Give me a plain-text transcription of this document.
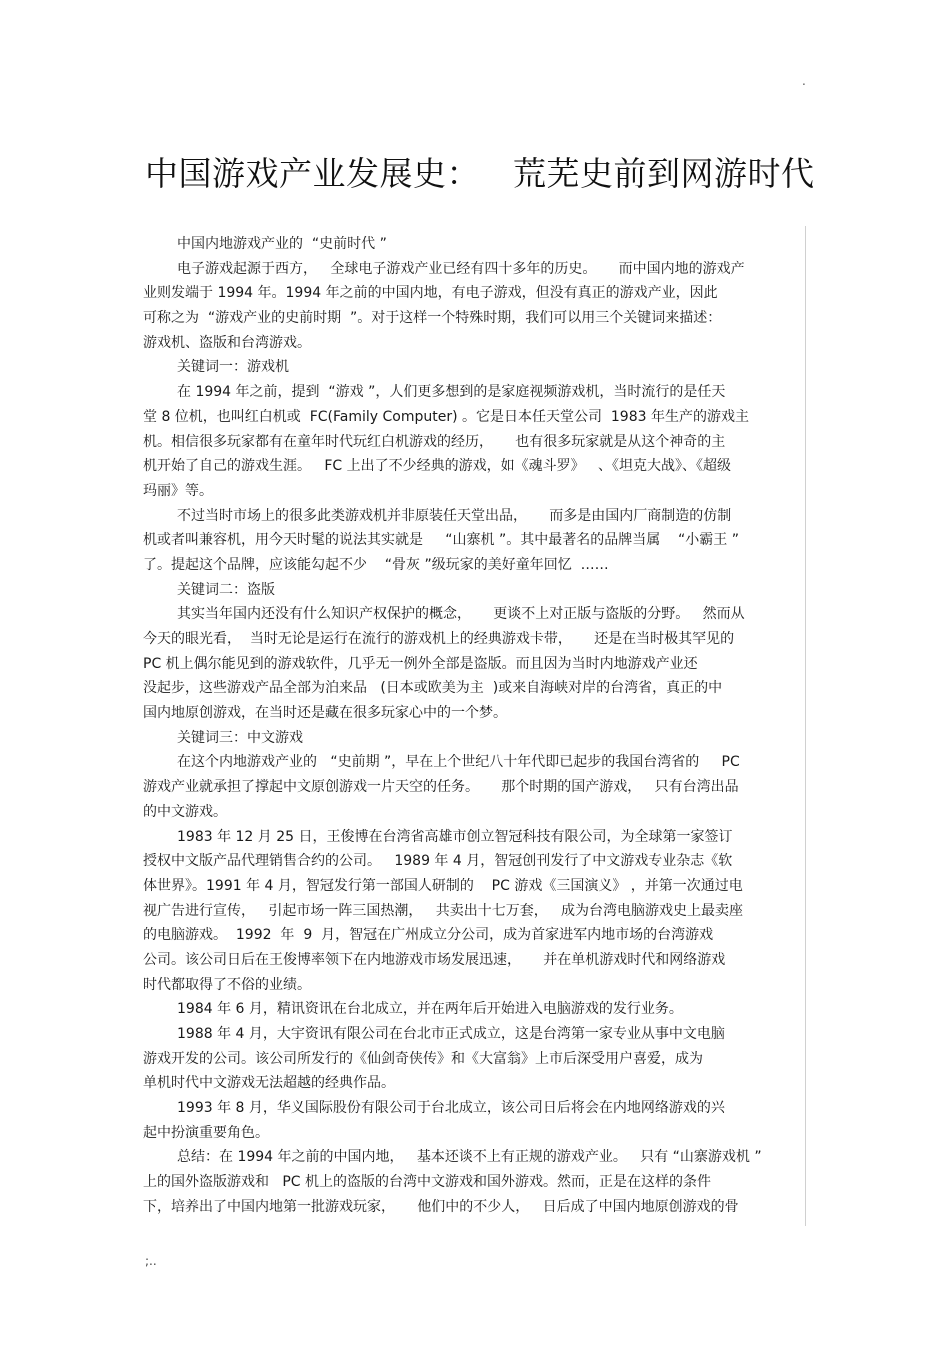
.
中国游戏产业发展史：   荒芜史前到网游时代
中国内地游戏产业的  “史前时代 ”
电子游戏起源于西方，   全球电子游戏产业已经有四十多年的历史。     而中国内地的游戏产
业则发端于 1994 年。1994 年之前的中国内地，有电子游戏，但没有真正的游戏产业，因此
可称之为  “游戏产业的史前时期  ”。对于这样一个特殊时期，我们可以用三个关键词来描述：
游戏机、盗版和台湾游戏。
关键词一：游戏机
在 1994 年之前，提到  “游戏 ”，人们更多想到的是家庭视频游戏机，当时流行的是任天
堂 8 位机，也叫红白机或  FC(Family Computer) 。它是日本任天堂公司  1983 年生产的游戏主
机。相信很多玩家都有在童年时代玩红白机游戏的经历，     也有很多玩家就是从这个神奇的主
机开始了自己的游戏生涯。   FC 上出了不少经典的游戏，如《魂斗罗》   、《坦克大战》、《超级
玛丽》等。
不过当时市场上的很多此类游戏机并非原装任天堂出品，     而多是由国内厂商制造的仿制
机或者叫兼容机，用今天时髦的说法其实就是     “山寨机 ”。其中最著名的品牌当属    “小霸王 ”
了。提起这个品牌，应该能勾起不少    “骨灰 ”级玩家的美好童年回忆  ……
关键词二：盗版
其实当年国内还没有什么知识产权保护的概念，     更谈不上对正版与盗版的分野。   然而从
今天的眼光看，  当时无论是运行在流行的游戏机上的经典游戏卡带，     还是在当时极其罕见的
PC 机上偶尔能见到的游戏软件，几乎无一例外全部是盗版。而且因为当时内地游戏产业还
没起步，这些游戏产品全部为泊来品   (日本或欧美为主  )或来自海峡对岸的台湾省，真正的中
国内地原创游戏，在当时还是藏在很多玩家心中的一个梦。
关键词三：中文游戏
在这个内地游戏产业的   “史前期 ”，早在上个世纪八十年代即已起步的我国台湾省的     PC
游戏产业就承担了撑起中文原创游戏一片天空的任务。     那个时期的国产游戏，   只有台湾出品
的中文游戏。
1983 年 12 月 25 日，王俊博在台湾省高雄市创立智冠科技有限公司，为全球第一家签订
授权中文版产品代理销售合约的公司。   1989 年 4 月，智冠创刊发行了中文游戏专业杂志《软
体世界》。1991 年 4 月，智冠发行第一部国人研制的    PC 游戏《三国演义》 ，并第一次通过电
视广告进行宣传，   引起市场一阵三国热潮，   共卖出十七万套，   成为台湾电脑游戏史上最卖座
的电脑游戏。  1992  年  9  月，智冠在广州成立分公司，成为首家进军内地市场的台湾游戏
公司。该公司日后在王俊博率领下在内地游戏市场发展迅速，     并在单机游戏时代和网络游戏
时代都取得了不俗的业绩。
1984 年 6 月，精讯资讯在台北成立，并在两年后开始进入电脑游戏的发行业务。
1988 年 4 月，大宇资讯有限公司在台北市正式成立，这是台湾第一家专业从事中文电脑
游戏开发的公司。该公司所发行的《仙剑奇侠传》和《大富翁》上市后深受用户喜爱，成为
单机时代中文游戏无法超越的经典作品。
1993 年 8 月，华义国际股份有限公司于台北成立，该公司日后将会在内地网络游戏的兴
起中扮演重要角色。
总结：在 1994 年之前的中国内地，   基本还谈不上有正规的游戏产业。   只有 “山寨游戏机 ”
上的国外盗版游戏和   PC 机上的盗版的台湾中文游戏和国外游戏。然而，正是在这样的条件
下，培养出了中国内地第一批游戏玩家，     他们中的不少人，   日后成了中国内地原创游戏的骨
;..
